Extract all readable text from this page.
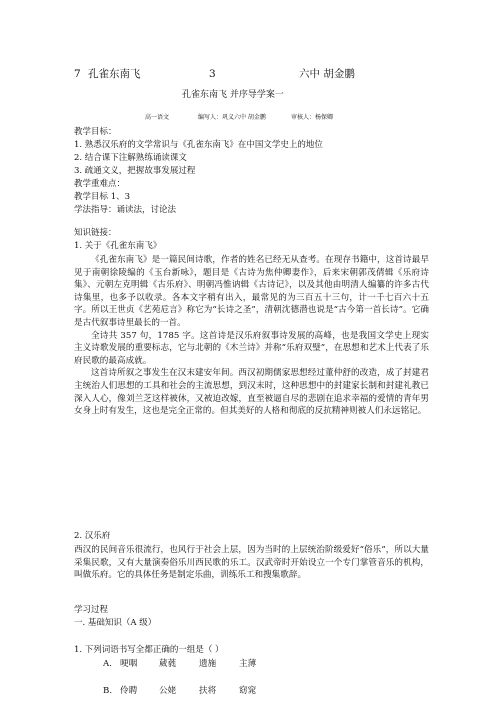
7 孔雀东南飞	3	六中 胡金鹏
孔雀东南飞 并序导学案一
高一语文	编写人：巩义六中 胡金鹏	审核人：杨保卿
教学目标：
1. 熟悉汉乐府的文学常识与《孔雀东南飞》在中国文学史上的地位
2. 结合课下注解熟练诵读课文
3. 疏通文义，把握故事发展过程
教学重难点：
教学目标 1、3
学法指导：诵读法，讨论法
知识链接：
1. 关于《孔雀东南飞》

《孔雀东南飞》是一篇民间诗歌，作者的姓名已经无从查考。在现存书籍中，这首诗最早见于南朝徐陵编的《玉台新咏》，题目是《古诗为焦仲卿妻作》，后来宋朝郭茂倩辑《乐府诗集》、元朝左克明辑《古乐府》、明朝冯惟讷辑《古诗记》，以及其他由明清人编纂的许多古代诗集里，也多予以收录。各本文字稍有出入，最常见的为三百五十三句，计一千七百六十五字。所以王世贞《艺苑卮言》称它为“长诗之圣”，清朝沈德潜也说是“古今第一首长诗”。它确是古代叙事诗里最长的一首。

全诗共 357 句，1785 字。这首诗是汉乐府叙事诗发展的高峰，也是我国文学史上现实主义诗歌发展的重要标志，它与北朝的《木兰诗》并称“乐府双璧”，在思想和艺术上代表了乐府民歌的最高成就。

这首诗所叙之事发生在汉末建安年间。西汉初期儒家思想经过董仲舒的改造，成了封建君主统治人们思想的工具和社会的主流思想，到汉末时，这种思想中的封建家长制和封建礼教已深入人心，像刘兰芝这样被休，又被迫改嫁，直至被逼自尽的悲剧在追求幸福的爱情的青年男女身上时有发生，这也是完全正常的。但其美好的人格和彻底的反抗精神则被人们永远铭记。

2. 汉乐府

西汉的民间音乐很流行，也风行于社会上层，因为当时的上层统治阶级爱好“俗乐”，所以大量采集民歌，又有大量演奏俗乐川西民歌的乐工。汉武帝时开始设立一个专门掌管音乐的机构，叫做乐府。它的具体任务是制定乐曲，训练乐工和搜集歌辞。

学习过程
一. 基础知识（A 级）
1. 下列词语书写全都正确的一组是（ ）
A. 哽咽	葳蕤	遗施	主薄
B. 伶聘	公姥	扶将	窈窕
